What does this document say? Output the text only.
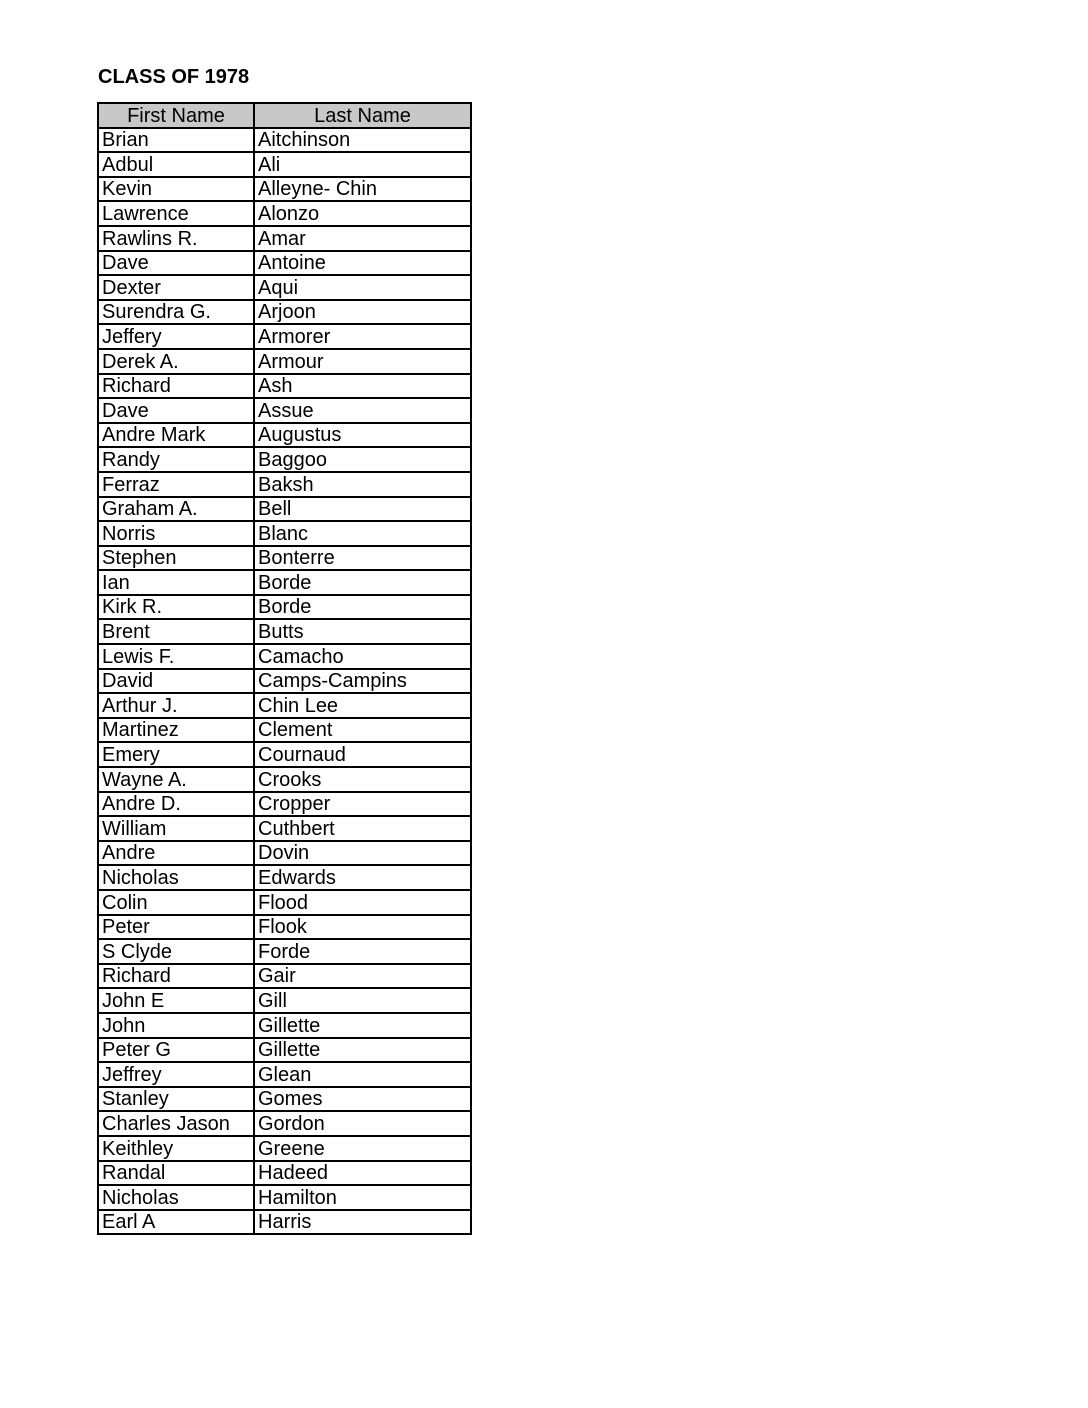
CLASS OF 1978
First Name	Last Name
Brian	Aitchinson
Adbul	Ali
Kevin	Alleyne- Chin
Lawrence	Alonzo
Rawlins R.	Amar
Dave	Antoine
Dexter	Aqui
Surendra G.	Arjoon
Jeffery	Armorer
Derek A.	Armour
Richard	Ash
Dave	Assue
Andre Mark	Augustus
Randy	Baggoo
Ferraz	Baksh
Graham A.	Bell
Norris	Blanc
Stephen	Bonterre
Ian	Borde
Kirk R.	Borde
Brent	Butts
Lewis F.	Camacho
David	Camps-Campins
Arthur J.	Chin Lee
Martinez	Clement
Emery	Cournaud
Wayne A.	Crooks
Andre D.	Cropper
William	Cuthbert
Andre	Dovin
Nicholas	Edwards
Colin	Flood
Peter	Flook
S Clyde	Forde
Richard	Gair
John E	Gill
John	Gillette
Peter G	Gillette
Jeffrey	Glean
Stanley	Gomes
Charles Jason	Gordon
Keithley	Greene
Randal	Hadeed
Nicholas	Hamilton
Earl A	Harris
